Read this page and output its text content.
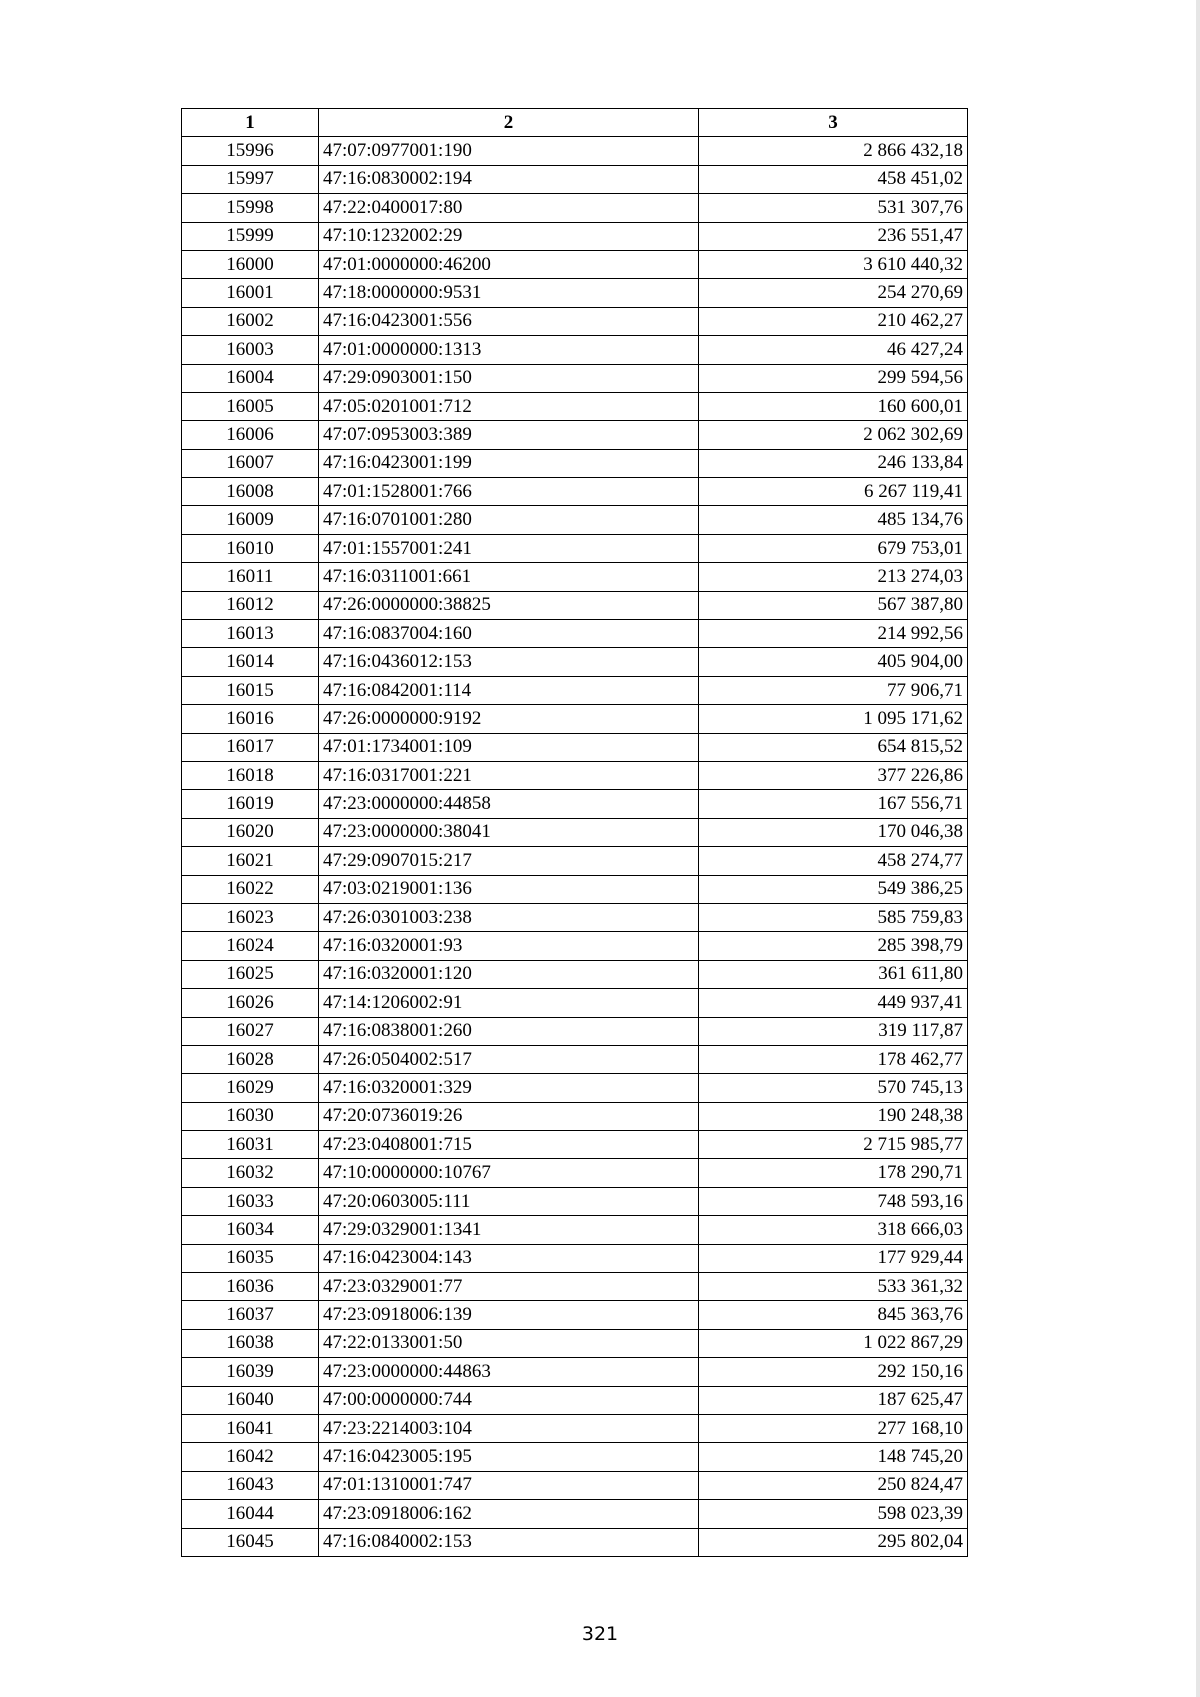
1	2	3
15996	47:07:0977001:190	2 866 432,18
15997	47:16:0830002:194	458 451,02
15998	47:22:0400017:80	531 307,76
15999	47:10:1232002:29	236 551,47
16000	47:01:0000000:46200	3 610 440,32
16001	47:18:0000000:9531	254 270,69
16002	47:16:0423001:556	210 462,27
16003	47:01:0000000:1313	46 427,24
16004	47:29:0903001:150	299 594,56
16005	47:05:0201001:712	160 600,01
16006	47:07:0953003:389	2 062 302,69
16007	47:16:0423001:199	246 133,84
16008	47:01:1528001:766	6 267 119,41
16009	47:16:0701001:280	485 134,76
16010	47:01:1557001:241	679 753,01
16011	47:16:0311001:661	213 274,03
16012	47:26:0000000:38825	567 387,80
16013	47:16:0837004:160	214 992,56
16014	47:16:0436012:153	405 904,00
16015	47:16:0842001:114	77 906,71
16016	47:26:0000000:9192	1 095 171,62
16017	47:01:1734001:109	654 815,52
16018	47:16:0317001:221	377 226,86
16019	47:23:0000000:44858	167 556,71
16020	47:23:0000000:38041	170 046,38
16021	47:29:0907015:217	458 274,77
16022	47:03:0219001:136	549 386,25
16023	47:26:0301003:238	585 759,83
16024	47:16:0320001:93	285 398,79
16025	47:16:0320001:120	361 611,80
16026	47:14:1206002:91	449 937,41
16027	47:16:0838001:260	319 117,87
16028	47:26:0504002:517	178 462,77
16029	47:16:0320001:329	570 745,13
16030	47:20:0736019:26	190 248,38
16031	47:23:0408001:715	2 715 985,77
16032	47:10:0000000:10767	178 290,71
16033	47:20:0603005:111	748 593,16
16034	47:29:0329001:1341	318 666,03
16035	47:16:0423004:143	177 929,44
16036	47:23:0329001:77	533 361,32
16037	47:23:0918006:139	845 363,76
16038	47:22:0133001:50	1 022 867,29
16039	47:23:0000000:44863	292 150,16
16040	47:00:0000000:744	187 625,47
16041	47:23:2214003:104	277 168,10
16042	47:16:0423005:195	148 745,20
16043	47:01:1310001:747	250 824,47
16044	47:23:0918006:162	598 023,39
16045	47:16:0840002:153	295 802,04
321
